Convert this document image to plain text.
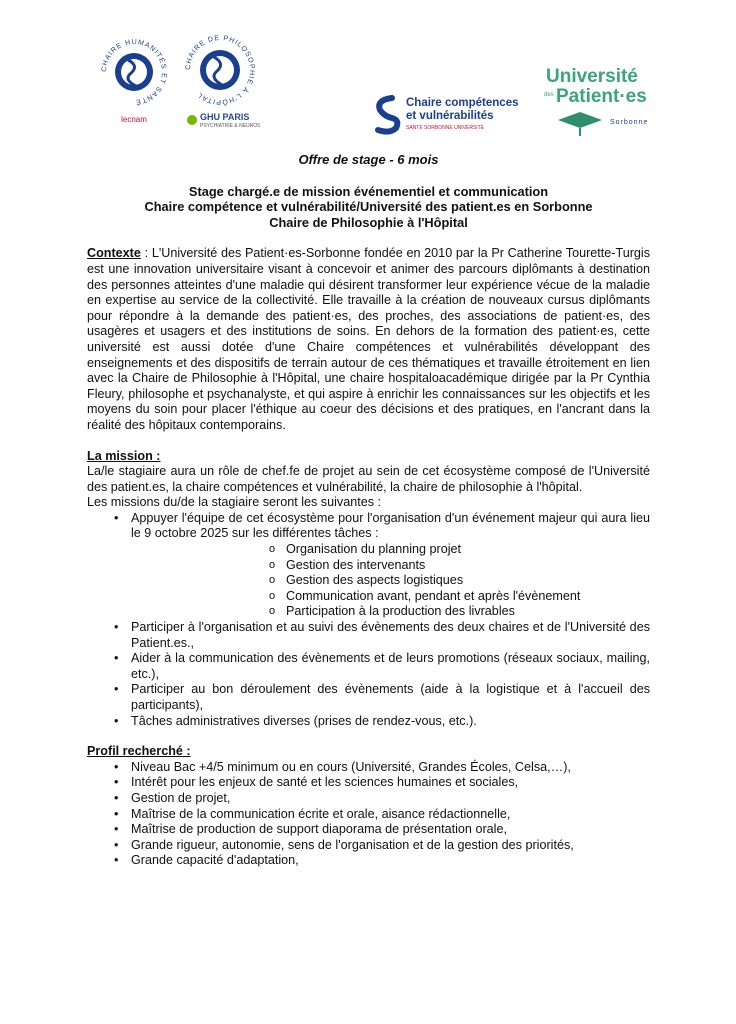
CHAIRE HUMANITÉS ET SANTÉ
lecnam
CHAIRE DE PHILOSOPHIE À L'HÔPITAL
GHU PARIS
PSYCHIATRIE & NEUROS
Chaire compétences
et vulnérabilités
SANTÉ SORBONNE UNIVERSITÉ
Université
des Patient·es
Sorbonne
Offre de stage - 6 mois
Stage chargé.e de mission événementiel et communication
Chaire compétence et vulnérabilité/Université des patient.es en Sorbonne
Chaire de Philosophie à l'Hôpital

Contexte : L'Université des Patient·es-Sorbonne fondée en 2010 par la Pr Catherine Tourette-Turgis est une innovation universitaire visant à concevoir et animer des parcours diplômants à destination des personnes atteintes d'une maladie qui désirent transformer leur expérience vécue de la maladie en expertise au service de la collectivité. Elle travaille à la création de nouveaux cursus diplômants pour répondre à la demande des patient·es, des proches, des associations de patient·es, des usagères et usagers et des institutions de soins. En dehors de la formation des patient·es, cette université est aussi dotée d'une Chaire compétences et vulnérabilités développant des enseignements et des dispositifs de terrain autour de ces thématiques et travaille étroitement en lien avec la Chaire de Philosophie à l'Hôpital, une chaire hospitaloacadémique dirigée par la Pr Cynthia Fleury, philosophe et psychanalyste, et qui aspire à enrichir les connaissances sur les objectifs et les moyens du soin pour placer l'éthique au coeur des décisions et des pratiques, en l'ancrant dans la réalité des hôpitaux contemporains.

La mission :

La/le stagiaire aura un rôle de chef.fe de projet au sein de cet écosystème composé de l'Université des patient.es, la chaire compétences et vulnérabilité, la chaire de philosophie à l'hôpital.

Les missions du/de la stagiaire seront les suivantes :

• Appuyer l'équipe de cet écosystème pour l'organisation d'un événement majeur qui aura lieu le 9 octobre 2025 sur les différentes tâches :
o Organisation du planning projet
o Gestion des intervenants
o Gestion des aspects logistiques
o Communication avant, pendant et après l'évènement
o Participation à la production des livrables
• Participer à l'organisation et au suivi des évènements des deux chaires et de l'Université des Patient.es.,
• Aider à la communication des évènements et de leurs promotions (réseaux sociaux, mailing, etc.),
• Participer au bon déroulement des évènements (aide à la logistique et à l'accueil des participants),
• Tâches administratives diverses (prises de rendez-vous, etc.).
Profil recherché :
• Niveau Bac +4/5 minimum ou en cours (Université, Grandes Écoles, Celsa,…),
• Intérêt pour les enjeux de santé et les sciences humaines et sociales,
• Gestion de projet,
• Maîtrise de la communication écrite et orale, aisance rédactionnelle,
• Maîtrise de production de support diaporama de présentation orale,
• Grande rigueur, autonomie, sens de l'organisation et de la gestion des priorités,
• Grande capacité d'adaptation,
